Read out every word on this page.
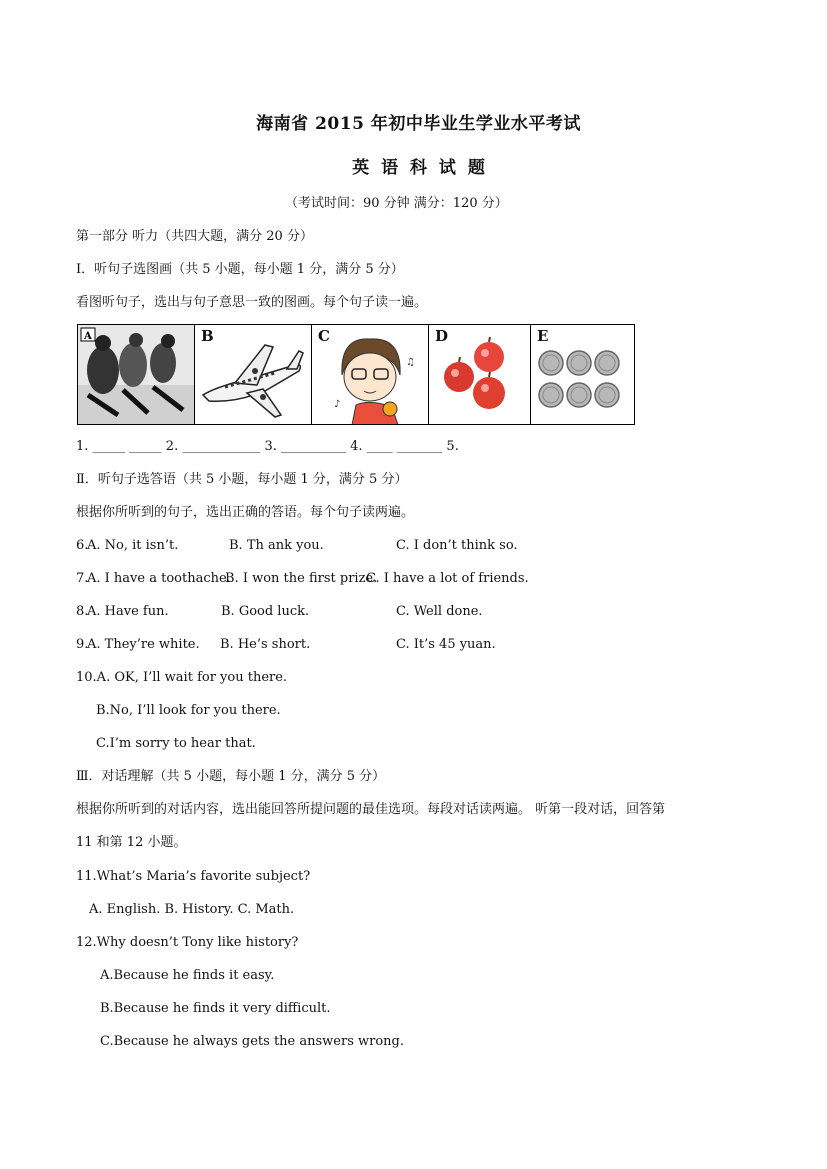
海南省 2015 年初中毕业生学业水平考试
英 语 科 试 题
（考试时间：90 分钟 满分：120 分）
第一部分 听力（共四大题，满分 20 分）
I．听句子选图画（共 5 小题，每小题 1 分，满分 5 分）
看图听句子，选出与句子意思一致的图画。每个句子读一遍。
A	B
♪
♫
C	D	E
1. _____ _____ 2. ____________ 3. __________ 4. ____ _______ 5.
Ⅱ．听句子选答语（共 5 小题，每小题 1 分，满分 5 分）
根据你所听到的句子，选出正确的答语。每个句子读两遍。
6.
A. No, it isn’t.	B. Th ank you.	C. I don’t think so.
7.
A. I have a toothache.
B. I won the first prize.
C. I have a lot of friends.
8.
A. Have fun.	B. Good luck.	C. Well done.
9.
A. They’re white. B. He’s short.	C. It’s 45 yuan.
10.A. OK, I’ll wait for you there.
B.No, I’ll look for you there.
C.I’m sorry to hear that.
Ⅲ．对话理解（共 5 小题，每小题 1 分，满分 5 分）
根据你所听到的对话内容，选出能回答所提问题的最佳选项。每段对话读两遍。 听第一段对话，回答第
11 和第 12 小题。
11.What’s Maria’s favorite subject?
A. English. B. History. C. Math.
12.Why doesn’t Tony like history?
A.Because he finds it easy.
B.Because he finds it very difficult.
C.Because he always gets the answers wrong.
